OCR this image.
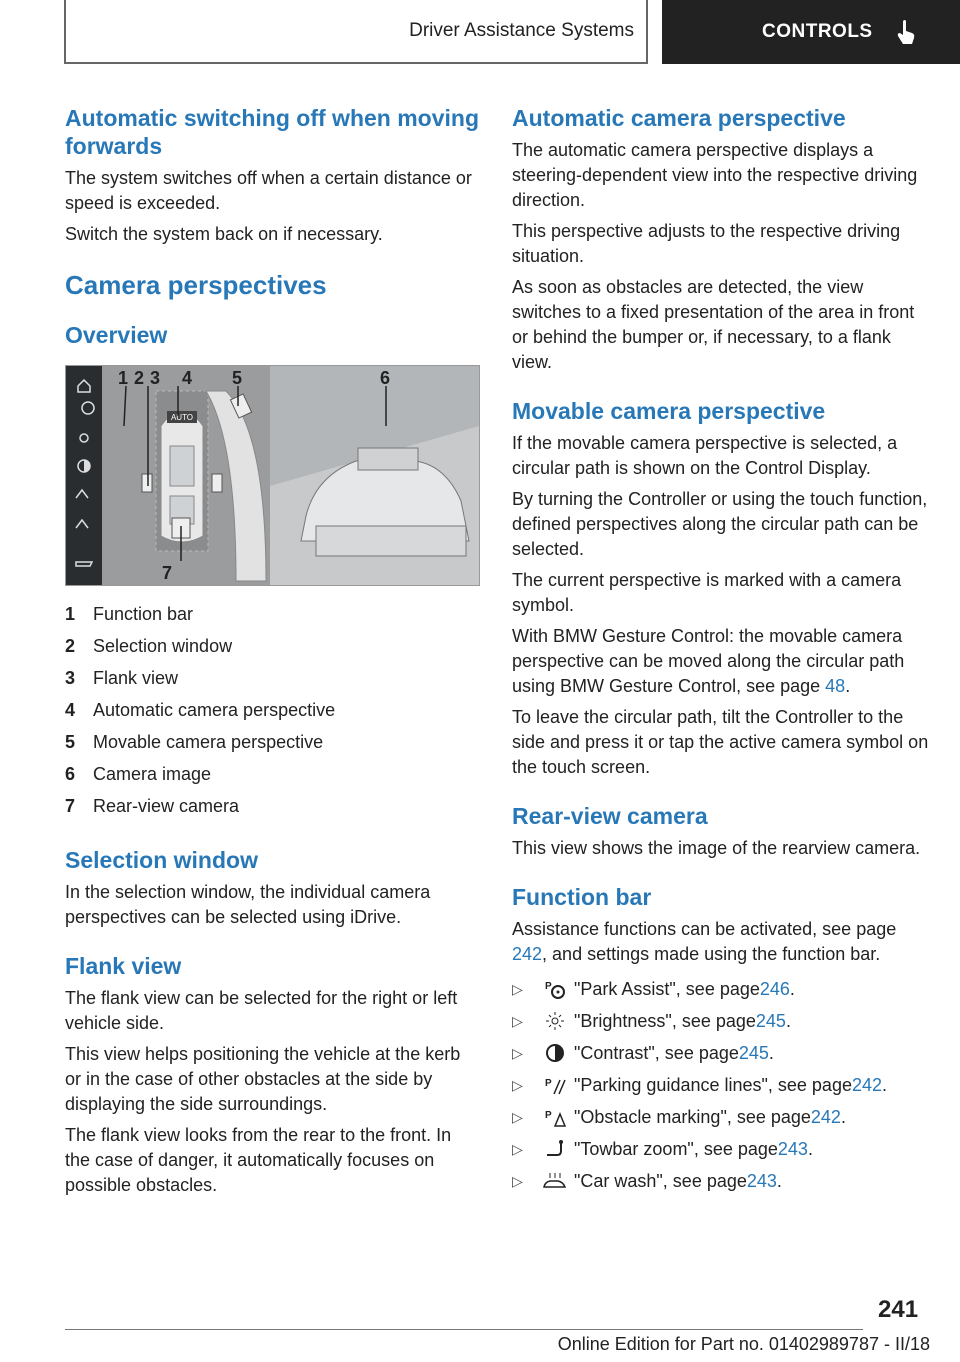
Driver Assistance Systems	CONTROLS
Automatic switching off when moving forwards

The system switches off when a certain distance or speed is exceeded.

Switch the system back on if necessary.

Camera perspectives
Overview
AUTO
1 2 3 4 5	6
7
1 Function bar
2 Selection window
3 Flank view
4 Automatic camera perspective
5 Movable camera perspective
6 Camera image
7 Rear-view camera
Selection window

In the selection window, the individual camera perspectives can be selected using iDrive.

Flank view

The flank view can be selected for the right or left vehicle side.

This view helps positioning the vehicle at the kerb or in the case of other obstacles at the side by displaying the side surroundings.

The flank view looks from the rear to the front. In the case of danger, it automatically focuses on possible obstacles.

Automatic camera perspective

The automatic camera perspective displays a steering-dependent view into the respective driving direction.

This perspective adjusts to the respective driving situation.

As soon as obstacles are detected, the view switches to a fixed presentation of the area in front or behind the bumper or, if necessary, to a flank view.

Movable camera perspective

If the movable camera perspective is selected, a circular path is shown on the Control Display.

By turning the Controller or using the touch function, defined perspectives along the circular path can be selected.

The current perspective is marked with a camera symbol.

With BMW Gesture Control: the movable camera perspective can be moved along the circular path using BMW Gesture Control, see page 48.

To leave the circular path, tilt the Controller to the side and press it or tap the active camera symbol on the touch screen.

Rear-view camera

This view shows the image of the rearview camera.

Function bar

Assistance functions can be activated, see page 242, and settings made using the function bar.

▷	P "Park Assist", see page 246 .
▷	"Brightness", see page 245 .
▷	"Contrast", see page 245 .
▷	P "Parking guidance lines", see page 242 .
▷	P "Obstacle marking", see page 242 .
▷	"Towbar zoom", see page 243 .
▷	"Car wash", see page 243 .
241
Online Edition for Part no. 01402989787 - II/18
